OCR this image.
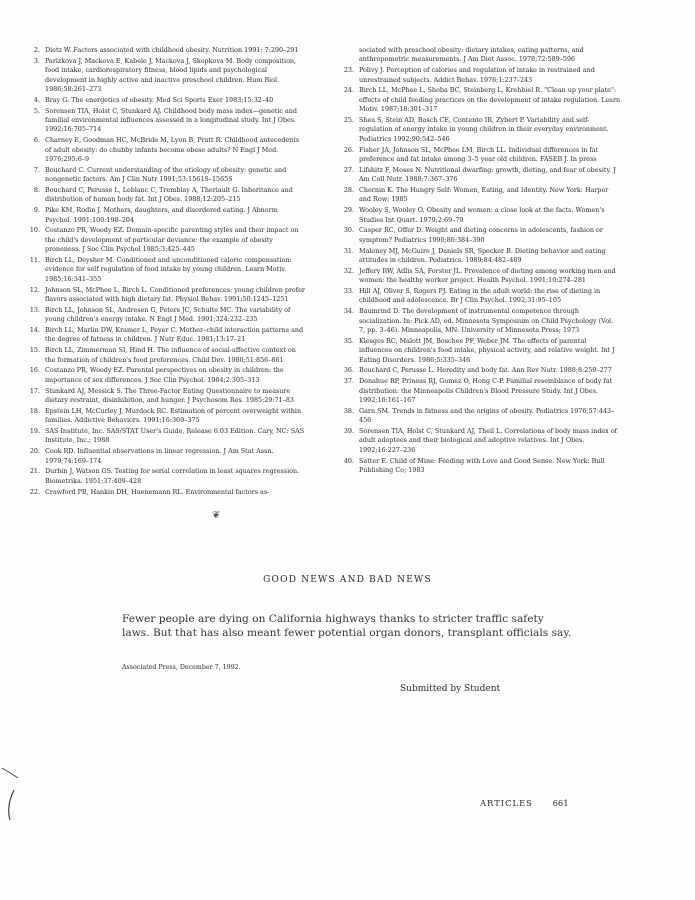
2. Dietz W. Factors associated with childhood obesity. Nutrition 1991; 7:290–291
3. Parizkova J, Mackova E, Kabele J, Mackova J, Skopkova M. Body composition, food intake, cardiorespiratory fitness, blood lipids and psychological development in highly active and inactive preschool children. Hum Biol. 1986;58:261–273
4. Bray G. The energetics of obesity. Med Sci Sports Exer 1983;15:32–40
5. Sorensen TIA, Holst C, Stunkard AJ. Childhood body mass index—genetic and familial environmental influences assessed in a longitudinal study. Int J Obes. 1992;16:705–714
6. Charney E, Goodman HC, McBride M, Lyon B, Pratt R. Childhood antecedents of adult obesity: do chubby infants become obese adults? N Engl J Med. 1976;295:6–9
7. Bouchard C. Current understanding of the etiology of obesity: genetic and nongenetic factors. Am J Clin Nutr 1991;53:1561S–1565S
8. Bouchard C, Perusse L, Leblanc C, Tremblay A, Theriault G. Inheritance and distribution of human body fat. Int J Obes. 1988;12:205–215
9. Pike KM, Rodin J. Mothers, daughters, and disordered eating. J Abnorm Psychol. 1991;100:198–204
10. Costanzo PR, Woody EZ. Domain-specific parenting styles and their impact on the child's development of particular deviance: the example of obesity proneness. J Soc Clin Psychol 1985;3:425–445
11. Birch LL, Deysher M. Conditioned and unconditioned caloric compensation: evidence for self regulation of food intake by young children. Learn Motiv. 1985;16:341–355
12. Johnson SL, McPhee L, Birch L. Conditioned preferences: young children prefer flavors associated with high dietary fat. Physiol Behav. 1991;50:1245–1251
13. Birch LL, Johnson SL, Andresen G, Peters JC, Schulte MC. The variability of young children's energy intake. N Engl J Med. 1991;324:232–235
14. Birch LL, Marlin DW, Kramer L, Peyer C. Mother–child interaction patterns and the degree of fatness in children. J Nutr Educ. 1981;13:17–21
15. Birch LL, Zimmerman SI, Hind H. The influence of social-affective context on the formation of children's food preferences. Child Dev. 1980;51:856–861
16. Costanzo PR, Woody EZ. Parental perspectives on obesity in children: the importance of sex differences. J Soc Clin Psychol. 1984;2:305–313
17. Stunkard AJ, Messick S. The Three-Factor Eating Questionnaire to measure dietary restraint, disinhibition, and hunger. J Psychosom Res. 1985;29:71–83
18. Epstein LH, McCurley J, Murdock RC. Estimation of percent overweight within families. Addictive Behaviors. 1991;16:369–375
19. SAS Institute, Inc. SAS/STAT User's Guide, Release 6.03 Edition. Cary, NC: SAS Institute, Inc.; 1988
20. Cook RD. Influential observations in linear regression. J Am Stat Assn. 1979;74:169–174
21. Durbin J, Watson GS. Testing for serial correlation in least squares regression. Biometrika. 1951;37:409–428
22. Crawford PB, Hankin DH, Huenemann RL. Environmental factors as-
sociated with preschool obesity: dietary intakes, eating patterns, and anthropometric measurements. J Am Diet Assoc. 1978;72:589–596
23. Polivy J. Perception of calories and regulation of intake in restrained and unrestrained subjects. Addict Behav. 1976;1:237–243
24. Birch LL, McPhee L, Shoba BC, Steinberg L, Krehbiel R. "Clean up your plate": effects of child feeding practices on the development of intake regulation. Learn Motiv. 1987;18:301–317
25. Shea S, Stein AD, Basch CE, Contento IR, Zybert P. Variability and self-regulation of energy intake in young children in their everyday environment. Pediatrics 1992;90:542–546
26. Fisher JA, Johnson SL, McPhee LM, Birch LL. Individual differences in fat preference and fat intake among 3–5 year old children. FASEB J. In press
27. Lifshitz F, Moses N. Nutritional dwarfing: growth, dieting, and fear of obesity. J Am Coll Nutr. 1988;7:367–376
28. Chernin K. The Hungry Self: Women, Eating, and Identity. New York: Harper and Row; 1985
29. Wooley S, Wooley O. Obesity and women: a close look at the facts. Women's Studies Int Quart. 1979;2:69–79
30. Casper RC, Offer D. Weight and dieting concerns in adolescents, fashion or symptom? Pediatrics 1990;86:384–390
31. Maloney MJ, McGuire J, Daniels SR, Specker B. Dieting behavior and eating attitudes in children. Pediatrics. 1989;84:482–489
32. Jeffery RW, Adlis SA, Forster JL. Prevalence of dieting among working men and women: the healthy worker project. Health Psychol. 1991;10:274–281
33. Hill AJ, Oliver S, Rogers PJ. Eating in the adult world: the rise of dieting in childhood and adolescence. Br J Clin Psychol. 1992;31:95–105
34. Baumrind D. The development of instrumental competence through socialization. In: Pick AD, ed. Minnesota Symposium on Child Psychology (Vol. 7, pp. 3–46). Minneapolis, MN: University of Minnesota Press; 1973
35. Klesges RC, Malott JM, Boschee PF, Weber JM. The effects of parental influences on children's food intake, physical activity, and relative weight. Int J Eating Disorders. 1986;5:335–346
36. Bouchard C, Perusse L. Heredity and body fat. Ann Rev Nutr. 1988;8:259–277
37. Donahue RP, Prineas RJ, Gomez O, Hong C-P. Familial resemblance of body fat distribution: the Minneapolis Children's Blood Pressure Study. Int J Obes. 1992;16:161–167
38. Garn SM. Trends in fatness and the origins of obesity. Pediatrics 1976;57:443–456
39. Sorensen TIA, Holst C, Stunkard AJ, Theil L. Correlations of body mass index of adult adoptees and their biological and adoptive relatives. Int J Obes. 1992;16:227–236
40. Satter E. Child of Mine: Feeding with Love and Good Sense. New York: Bull Publishing Co; 1983
❦
GOOD NEWS AND BAD NEWS
Fewer people are dying on California highways thanks to stricter traffic safety laws. But that has also meant fewer potential organ donors, transplant officials say.
Associated Press, December 7, 1992.
Submitted by Student
ARTICLES 661
